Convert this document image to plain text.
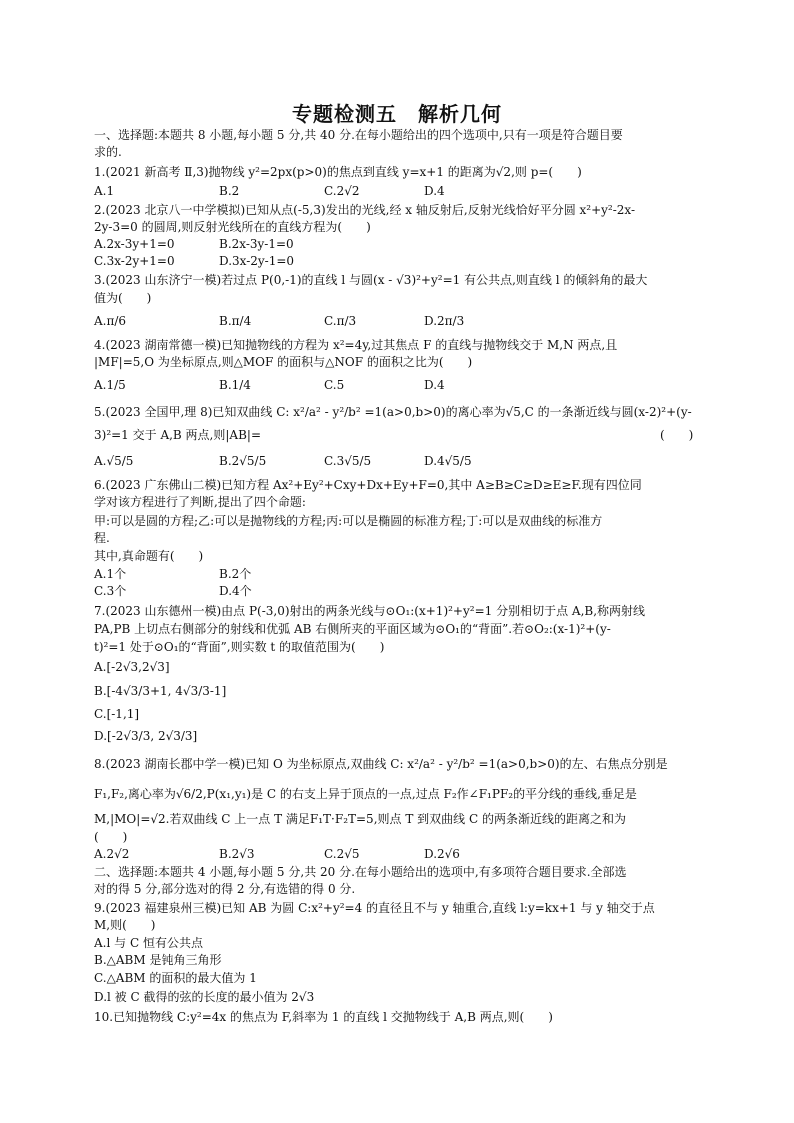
专题检测五　解析几何
一、选择题:本题共 8 小题,每小题 5 分,共 40 分.在每小题给出的四个选项中,只有一项是符合题目要
求的.
1.(2021 新高考 Ⅱ,3)抛物线 y²=2px(p>0)的焦点到直线 y=x+1 的距离为√2,则 p=(　　)
A.1	B.2	C.2√2	D.4
2.(2023 北京八一中学模拟)已知从点(-5,3)发出的光线,经 x 轴反射后,反射光线恰好平分圆 x²+y²-2x-
2y-3=0 的圆周,则反射光线所在的直线方程为(　　)
A.2x-3y+1=0	B.2x-3y-1=0
C.3x-2y+1=0	D.3x-2y-1=0
3.(2023 山东济宁一模)若过点 P(0,-1)的直线 l 与圆(x - √3)²+y²=1 有公共点,则直线 l 的倾斜角的最大
值为(　　)
A.π/6	B.π/4	C.π/3	D.2π/3
4.(2023 湖南常德一模)已知抛物线的方程为 x²=4y,过其焦点 F 的直线与抛物线交于 M,N 两点,且
|MF|=5,O 为坐标原点,则△MOF 的面积与△NOF 的面积之比为(　　)
A.1/5	B.1/4	C.5	D.4
5.(2023 全国甲,理 8)已知双曲线 C: x²/a² - y²/b² =1(a>0,b>0)的离心率为√5,C 的一条渐近线与圆(x-2)²+(y-
3)²=1 交于 A,B 两点,则|AB|=	(　　)
A.√5/5	B.2√5/5	C.3√5/5	D.4√5/5
6.(2023 广东佛山二模)已知方程 Ax²+Ey²+Cxy+Dx+Ey+F=0,其中 A≥B≥C≥D≥E≥F.现有四位同
学对该方程进行了判断,提出了四个命题:
甲:可以是圆的方程;乙:可以是抛物线的方程;丙:可以是椭圆的标准方程;丁:可以是双曲线的标准方
程.
其中,真命题有(　　)
A.1个	B.2个
C.3个	D.4个
7.(2023 山东德州一模)由点 P(-3,0)射出的两条光线与⊙O₁:(x+1)²+y²=1 分别相切于点 A,B,称两射线
PA,PB 上切点右侧部分的射线和优弧 AB 右侧所夹的平面区域为⊙O₁的“背面”.若⊙O₂:(x-1)²+(y-
t)²=1 处于⊙O₁的“背面”,则实数 t 的取值范围为(　　)
A.[-2√3,2√3]
B.[-4√3/3+1, 4√3/3-1]
C.[-1,1]
D.[-2√3/3, 2√3/3]
8.(2023 湖南长郡中学一模)已知 O 为坐标原点,双曲线 C: x²/a² - y²/b² =1(a>0,b>0)的左、右焦点分别是
F₁,F₂,离心率为√6/2,P(x₁,y₁)是 C 的右支上异于顶点的一点,过点 F₂作∠F₁PF₂的平分线的垂线,垂足是
M,|MO|=√2.若双曲线 C 上一点 T 满足F₁T·F₂T=5,则点 T 到双曲线 C 的两条渐近线的距离之和为
(　　)
A.2√2	B.2√3	C.2√5	D.2√6
二、选择题:本题共 4 小题,每小题 5 分,共 20 分.在每小题给出的选项中,有多项符合题目要求.全部选
对的得 5 分,部分选对的得 2 分,有选错的得 0 分.
9.(2023 福建泉州三模)已知 AB 为圆 C:x²+y²=4 的直径且不与 y 轴重合,直线 l:y=kx+1 与 y 轴交于点
M,则(　　)
A.l 与 C 恒有公共点
B.△ABM 是钝角三角形
C.△ABM 的面积的最大值为 1
D.l 被 C 截得的弦的长度的最小值为 2√3
10.已知抛物线 C:y²=4x 的焦点为 F,斜率为 1 的直线 l 交抛物线于 A,B 两点,则(　　)
